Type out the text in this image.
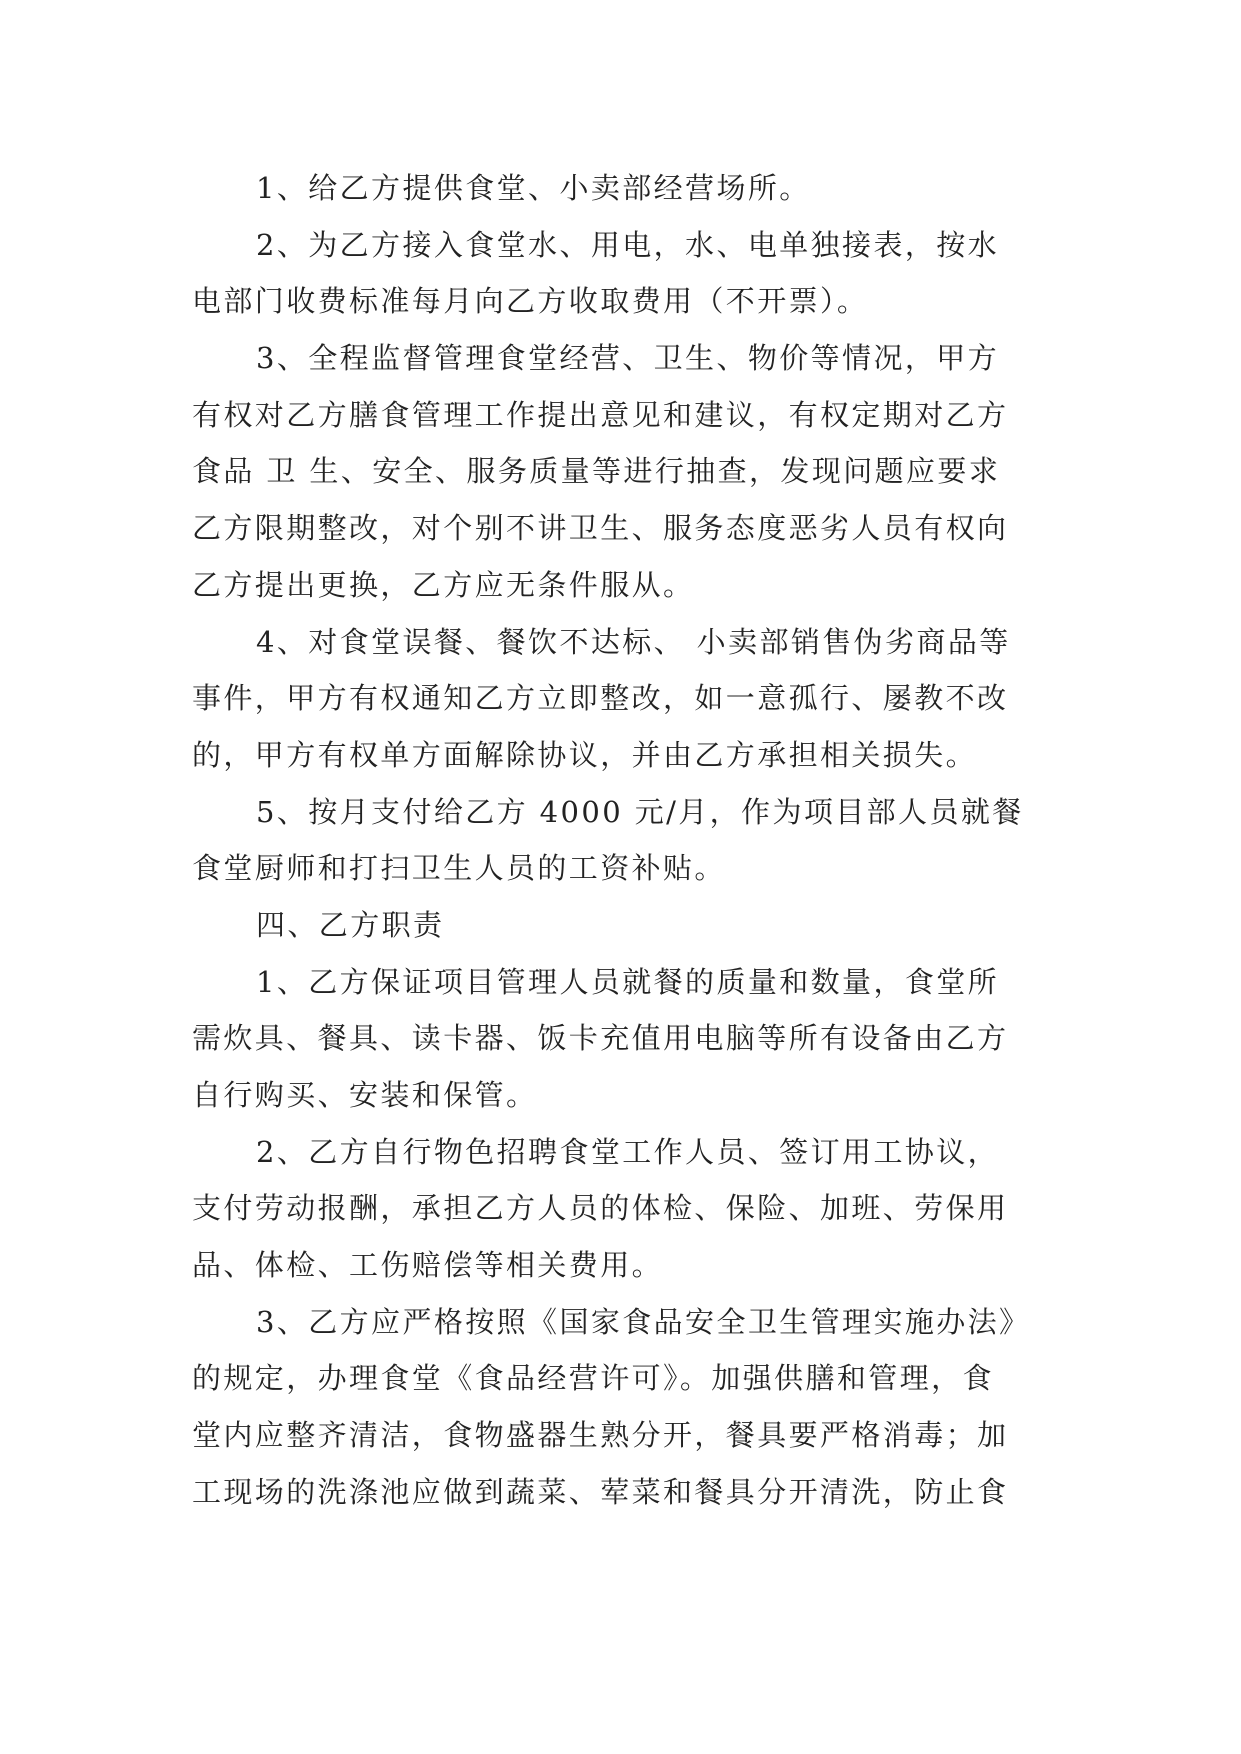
1、给乙方提供食堂、小卖部经营场所。
2、为乙方接入食堂水、用电，水、电单独接表，按水
电部门收费标准每月向乙方收取费用（不开票）。
3、全程监督管理食堂经营、卫生、物价等情况，甲方
有权对乙方膳食管理工作提出意见和建议，有权定期对乙方
食品 卫 生、安全、服务质量等进行抽查，发现问题应要求
乙方限期整改，对个别不讲卫生、服务态度恶劣人员有权向
乙方提出更换，乙方应无条件服从。
4、对食堂误餐、餐饮不达标、 小卖部销售伪劣商品等
事件，甲方有权通知乙方立即整改，如一意孤行、屡教不改
的，甲方有权单方面解除协议，并由乙方承担相关损失。
5、按月支付给乙方 4000 元/月，作为项目部人员就餐
食堂厨师和打扫卫生人员的工资补贴。
四、乙方职责
1、乙方保证项目管理人员就餐的质量和数量，食堂所
需炊具、餐具、读卡器、饭卡充值用电脑等所有设备由乙方
自行购买、安装和保管。
2、乙方自行物色招聘食堂工作人员、签订用工协议，
支付劳动报酬，承担乙方人员的体检、保险、加班、劳保用
品、体检、工伤赔偿等相关费用。
3、乙方应严格按照《国家食品安全卫生管理实施办法》
的规定，办理食堂《食品经营许可》。加强供膳和管理，食
堂内应整齐清洁，食物盛器生熟分开，餐具要严格消毒；加
工现场的洗涤池应做到蔬菜、荤菜和餐具分开清洗，防止食
